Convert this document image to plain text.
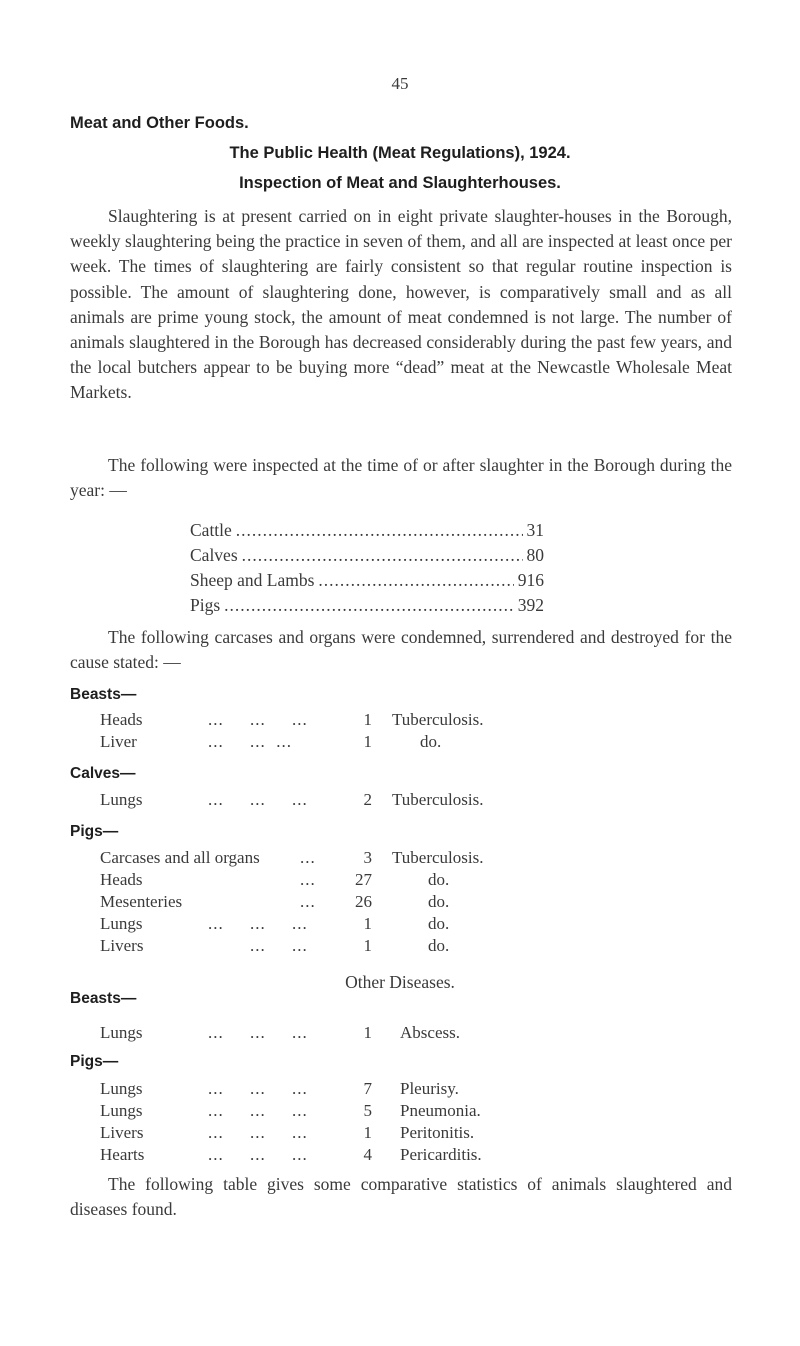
45
Meat and Other Foods.
The Public Health (Meat Regulations), 1924.
Inspection of Meat and Slaughterhouses.

Slaughtering is at present carried on in eight private slaughter-houses in the Borough, weekly slaughtering being the practice in seven of them, and all are inspected at least once per week. The times of slaughtering are fairly consistent so that regular routine inspection is possible. The amount of slaughtering done, however, is comparatively small and as all animals are prime young stock, the amount of meat condemned is not large. The number of animals slaughtered in the Borough has decreased considerably during the past few years, and the local butchers appear to be buying more “dead” meat at the Newcastle Wholesale Meat Markets.

The following were inspected at the time of or after slaughter in the Borough during the year: —

Cattle .....	31
Calves .....	80
Sheep and Lambs .....	916
Pigs .....	392

The following carcases and organs were condemned, surrendered and destroyed for the cause stated: —

Beasts—
Heads	...     ...     ...	1 Tuberculosis.
Liver	...     ...  ...	1	do.
Calves—
Lungs	...     ...     ...	2 Tuberculosis.
Pigs—
Carcases and all organs ...	3 Tuberculosis.
Heads	...	27	do.
Mesenteries	...	26	do.
Lungs	...     ...     ...	1	do.
Livers	...     ...	1	do.
Other Diseases.
Beasts—
Lungs	...     ...     ...	1 Abscess.
Pigs—
Lungs	...     ...     ...	7 Pleurisy.
Lungs	...     ...     ...	5 Pneumonia.
Livers	...     ...     ...	1 Peritonitis.
Hearts	...     ...     ...	4 Pericarditis.

The following table gives some comparative statistics of animals slaughtered and diseases found.
